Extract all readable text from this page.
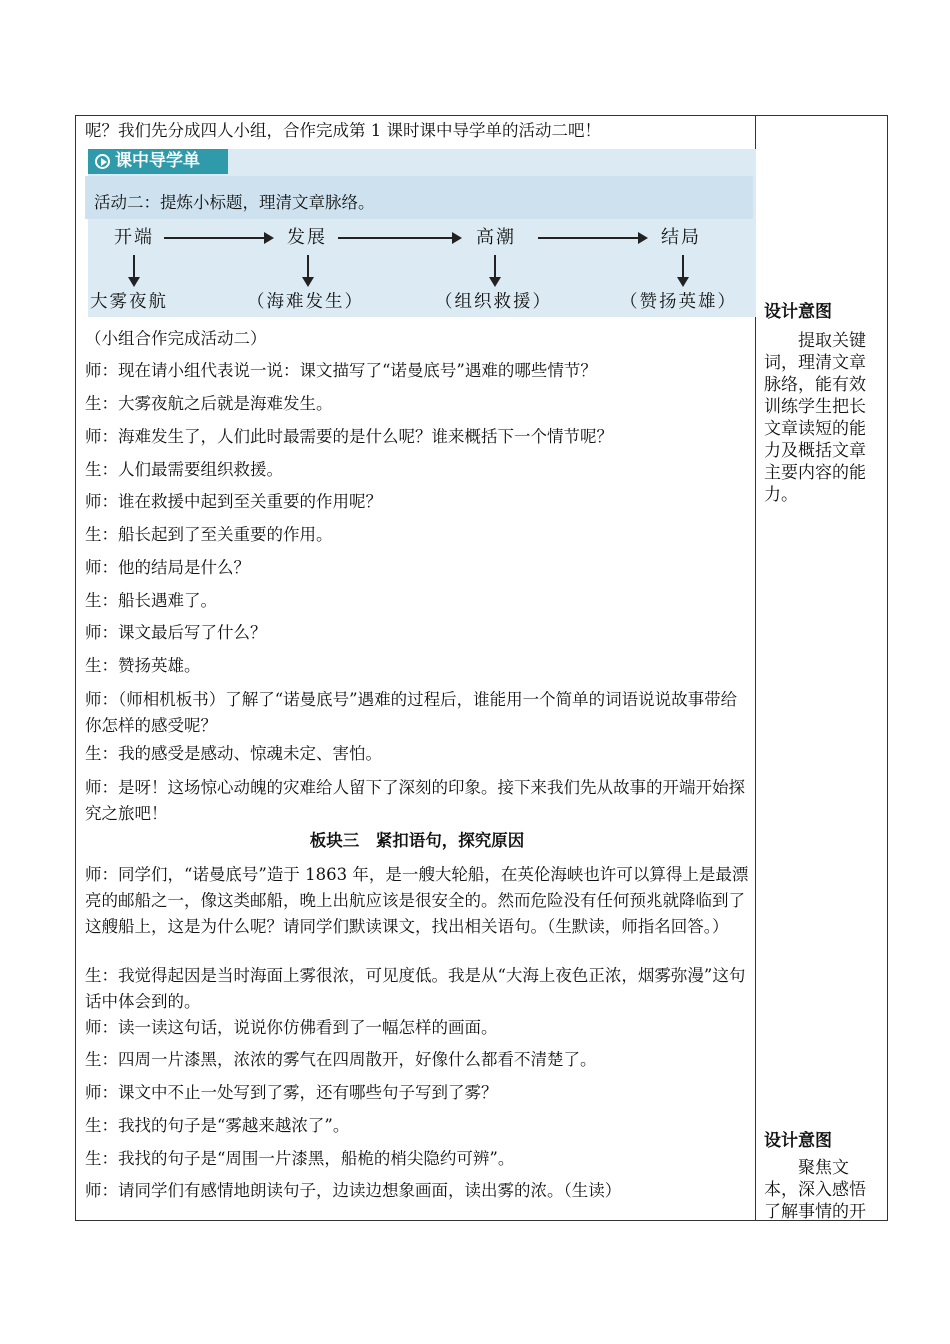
呢？我们先分成四人小组，合作完成第 1 课时课中导学单的活动二吧！
课中导学单
活动二：提炼小标题，理清文章脉络。
开端	发展	高潮	结局
大雾夜航	（海难发生）	（组织救援）	（赞扬英雄）
（小组合作完成活动二）
师：现在请小组代表说一说：课文描写了“诺曼底号”遇难的哪些情节？
生：大雾夜航之后就是海难发生。
师：海难发生了，人们此时最需要的是什么呢？谁来概括下一个情节呢？
生：人们最需要组织救援。
师：谁在救援中起到至关重要的作用呢？
生：船长起到了至关重要的作用。
师：他的结局是什么？
生：船长遇难了。
师：课文最后写了什么？
生：赞扬英雄。
师：（师相机板书）了解了“诺曼底号”遇难的过程后，谁能用一个简单的词语说说故事带给你怎样的感受呢？
生：我的感受是感动、惊魂未定、害怕。
师：是呀！这场惊心动魄的灾难给人留下了深刻的印象。接下来我们先从故事的开端开始探究之旅吧！
板块三　紧扣语句，探究原因
师：同学们，“诺曼底号”造于 1863 年，是一艘大轮船，在英伦海峡也许可以算得上是最漂亮的邮船之一，像这类邮船，晚上出航应该是很安全的。然而危险没有任何预兆就降临到了这艘船上，这是为什么呢？请同学们默读课文，找出相关语句。（生默读，师指名回答。）
生：我觉得起因是当时海面上雾很浓，可见度低。我是从“大海上夜色正浓，烟雾弥漫”这句话中体会到的。
师：读一读这句话，说说你仿佛看到了一幅怎样的画面。
生：四周一片漆黑，浓浓的雾气在四周散开，好像什么都看不清楚了。
师：课文中不止一处写到了雾，还有哪些句子写到了雾？
生：我找的句子是“雾越来越浓了”。
生：我找的句子是“周围一片漆黑，船桅的梢尖隐约可辨”。
师：请同学们有感情地朗读句子，边读边想象画面，读出雾的浓。（生读）
设计意图
提取关键词，理清文章脉络，能有效训练学生把长文章读短的能力及概括文章主要内容的能力。
设计意图
聚焦文本，深入感悟了解事情的开
